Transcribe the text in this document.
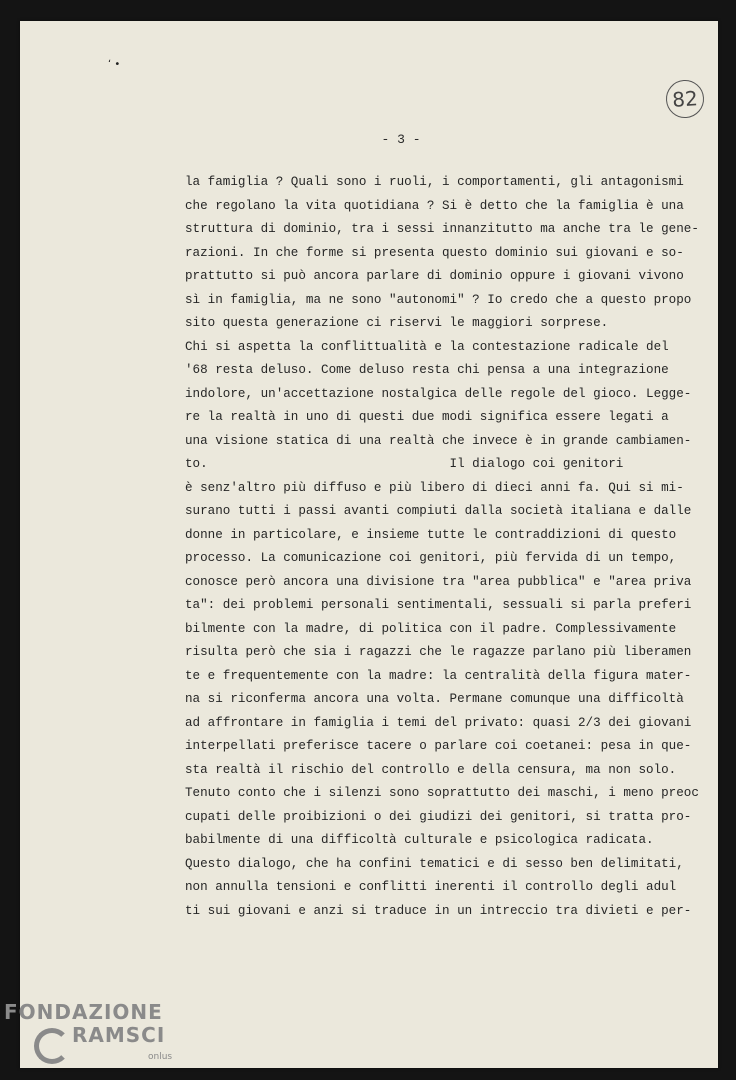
ʻ •
82
- 3 -
la famiglia ? Quali sono i ruoli, i comportamenti, gli antagonismi
che regolano la vita quotidiana ? Si è detto che la famiglia è una
struttura di dominio, tra i sessi innanzitutto ma anche tra le gene-
razioni. In che forme si presenta questo dominio sui giovani e so-
prattutto si può ancora parlare di dominio oppure i giovani vivono
sì in famiglia, ma ne sono "autonomi" ? Io credo che a questo propo
sito questa generazione ci riservi le maggiori sorprese.
Chi si aspetta la conflittualità e la contestazione radicale del
'68 resta deluso. Come deluso resta chi pensa a una integrazione
indolore, un'accettazione nostalgica delle regole del gioco. Legge-
re la realtà in uno di questi due modi significa essere legati a
una visione statica di una realtà che invece è in grande cambiamen-
to.                                Il dialogo coi genitori
è senz'altro più diffuso e più libero di dieci anni fa. Qui si mi-
surano tutti i passi avanti compiuti dalla società italiana e dalle
donne in particolare, e insieme tutte le contraddizioni di questo
processo. La comunicazione coi genitori, più fervida di un tempo,
conosce però ancora una divisione tra "area pubblica" e "area priva
ta": dei problemi personali sentimentali, sessuali si parla preferi
bilmente con la madre, di politica con il padre. Complessivamente
risulta però che sia i ragazzi che le ragazze parlano più liberamen
te e frequentemente con la madre: la centralità della figura mater-
na si riconferma ancora una volta. Permane comunque una difficoltà
ad affrontare in famiglia i temi del privato: quasi 2/3 dei giovani
interpellati preferisce tacere o parlare coi coetanei: pesa in que-
sta realtà il rischio del controllo e della censura, ma non solo.
Tenuto conto che i silenzi sono soprattutto dei maschi, i meno preoc
cupati delle proibizioni o dei giudizi dei genitori, si tratta pro-
babilmente di una difficoltà culturale e psicologica radicata.
Questo dialogo, che ha confini tematici e di sesso ben delimitati,
non annulla tensioni e conflitti inerenti il controllo degli adul
ti sui giovani e anzi si traduce in un intreccio tra divieti e per-
FONDAZIONE
RAMSCI
onlus
